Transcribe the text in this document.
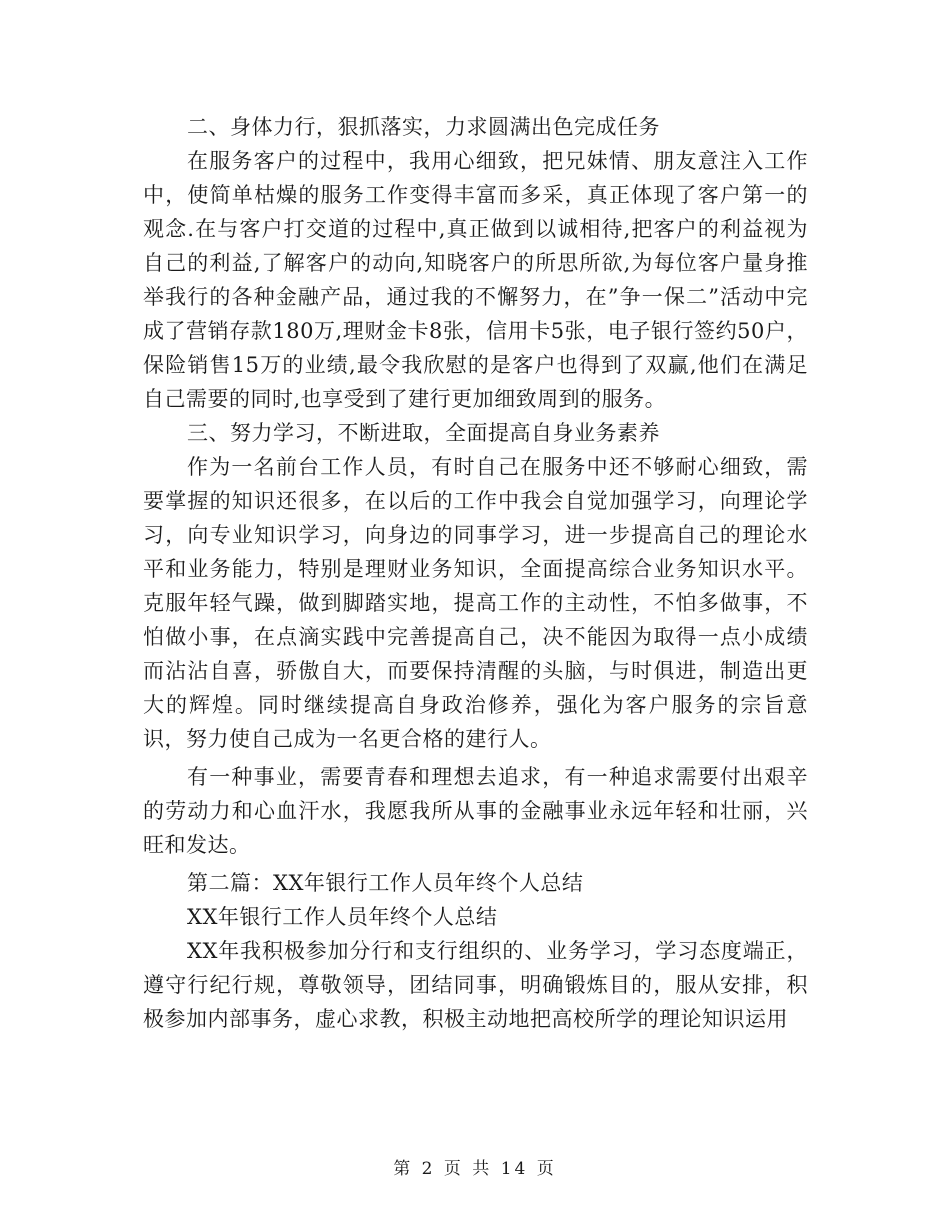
二、身体力行，狠抓落实，力求圆满出色完成任务

在服务客户的过程中，我用心细致，把兄妹情、朋友意注入工作中，使简单枯燥的服务工作变得丰富而多采，真正体现了客户第一的观念.在与客户打交道的过程中,真正做到以诚相待,把客户的利益视为自己的利益,了解客户的动向,知晓客户的所思所欲,为每位客户量身推举我行的各种金融产品，通过我的不懈努力，在”争一保二”活动中完成了营销存款180万,理财金卡8张，信用卡5张，电子银行签约50户，保险销售15万的业绩,最令我欣慰的是客户也得到了双赢,他们在满足自己需要的同时,也享受到了建行更加细致周到的服务。

三、努力学习，不断进取，全面提高自身业务素养

作为一名前台工作人员，有时自己在服务中还不够耐心细致，需要掌握的知识还很多，在以后的工作中我会自觉加强学习，向理论学习，向专业知识学习，向身边的同事学习，进一步提高自己的理论水平和业务能力，特别是理财业务知识，全面提高综合业务知识水平。克服年轻气躁，做到脚踏实地，提高工作的主动性，不怕多做事，不怕做小事，在点滴实践中完善提高自己，决不能因为取得一点小成绩而沾沾自喜，骄傲自大，而要保持清醒的头脑，与时俱进，制造出更大的辉煌。同时继续提高自身政治修养，强化为客户服务的宗旨意识，努力使自己成为一名更合格的建行人。

有一种事业，需要青春和理想去追求，有一种追求需要付出艰辛的劳动力和心血汗水，我愿我所从事的金融事业永远年轻和壮丽，兴旺和发达。

第二篇：XX年银行工作人员年终个人总结

XX年银行工作人员年终个人总结

XX年我积极参加分行和支行组织的、业务学习，学习态度端正，遵守行纪行规，尊敬领导，团结同事，明确锻炼目的，服从安排，积极参加内部事务，虚心求教，积极主动地把高校所学的理论知识运用

第 2 页 共 14 页
